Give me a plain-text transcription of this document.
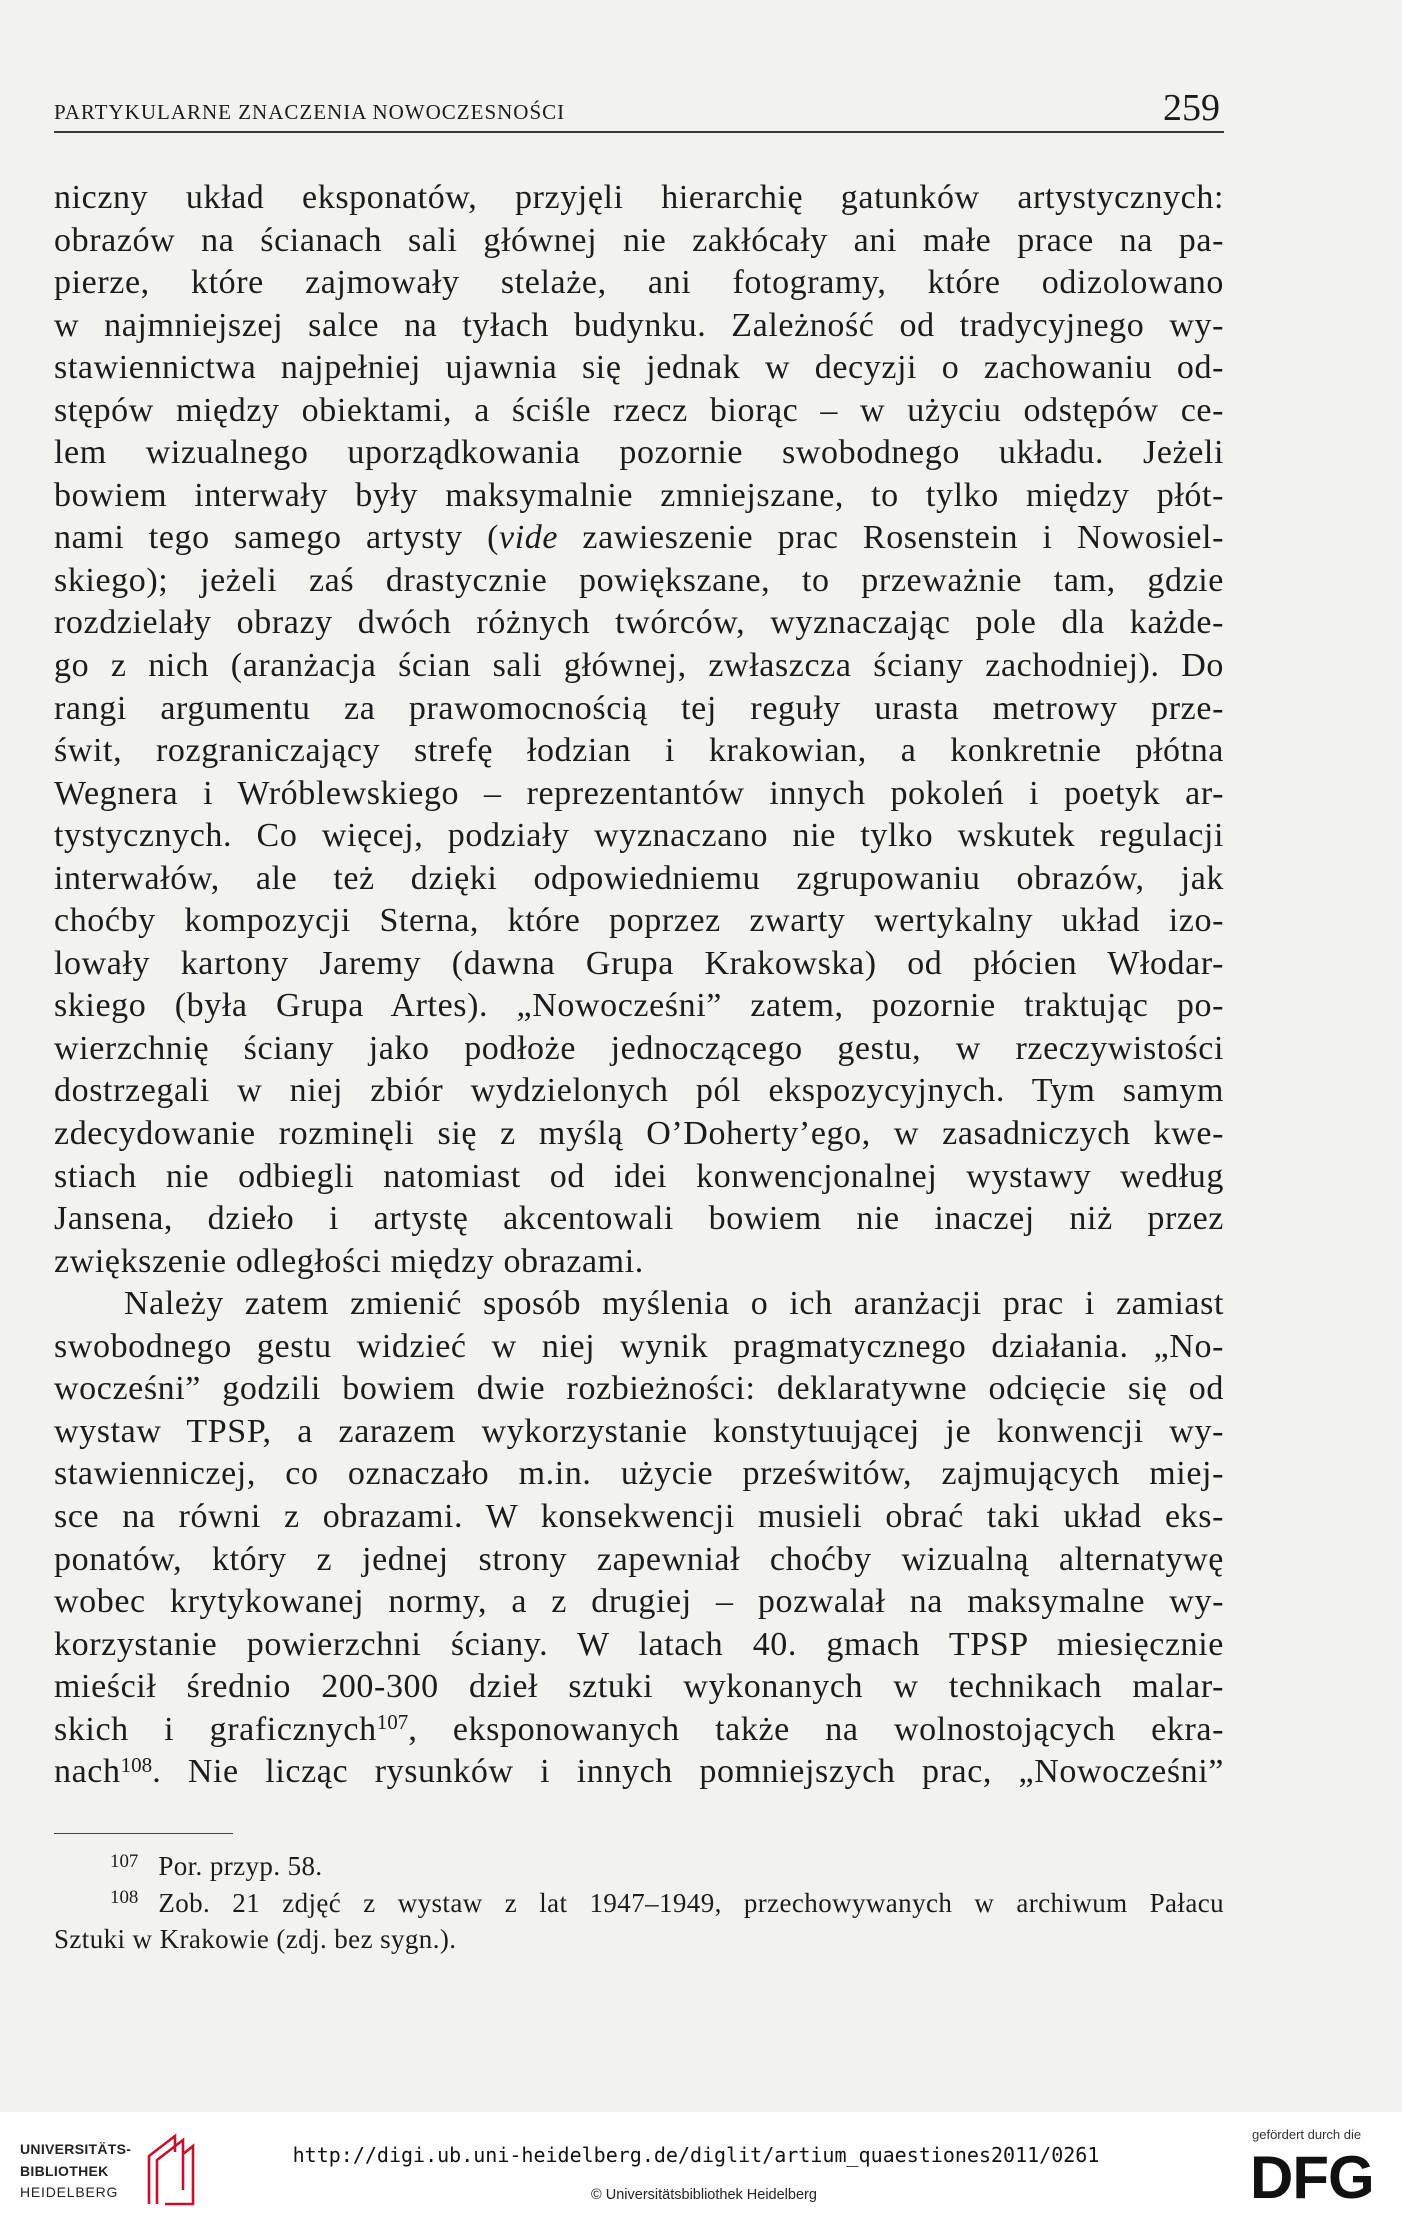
PARTYKULARNE ZNACZENIA NOWOCZESNOŚCI	259
niczny układ eksponatów, przyjęli hierarchię gatunków artystycznych:
obrazów na ścianach sali głównej nie zakłócały ani małe prace na pa-
pierze, które zajmowały stelaże, ani fotogramy, które odizolowano
w najmniejszej salce na tyłach budynku. Zależność od tradycyjnego wy-
stawiennictwa najpełniej ujawnia się jednak w decyzji o zachowaniu od-
stępów między obiektami, a ściśle rzecz biorąc – w użyciu odstępów ce-
lem wizualnego uporządkowania pozornie swobodnego układu. Jeżeli
bowiem interwały były maksymalnie zmniejszane, to tylko między płót-
nami tego samego artysty (vide zawieszenie prac Rosenstein i Nowosiel-
skiego); jeżeli zaś drastycznie powiększane, to przeważnie tam, gdzie
rozdzielały obrazy dwóch różnych twórców, wyznaczając pole dla każde-
go z nich (aranżacja ścian sali głównej, zwłaszcza ściany zachodniej). Do
rangi argumentu za prawomocnością tej reguły urasta metrowy prze-
świt, rozgraniczający strefę łodzian i krakowian, a konkretnie płótna
Wegnera i Wróblewskiego – reprezentantów innych pokoleń i poetyk ar-
tystycznych. Co więcej, podziały wyznaczano nie tylko wskutek regulacji
interwałów, ale też dzięki odpowiedniemu zgrupowaniu obrazów, jak
choćby kompozycji Sterna, które poprzez zwarty wertykalny układ izo-
lowały kartony Jaremy (dawna Grupa Krakowska) od płócien Włodar-
skiego (była Grupa Artes). „Nowocześni” zatem, pozornie traktując po-
wierzchnię ściany jako podłoże jednoczącego gestu, w rzeczywistości
dostrzegali w niej zbiór wydzielonych pól ekspozycyjnych. Tym samym
zdecydowanie rozminęli się z myślą O’Doherty’ego, w zasadniczych kwe-
stiach nie odbiegli natomiast od idei konwencjonalnej wystawy według
Jansena, dzieło i artystę akcentowali bowiem nie inaczej niż przez
zwiększenie odległości między obrazami.
Należy zatem zmienić sposób myślenia o ich aranżacji prac i zamiast
swobodnego gestu widzieć w niej wynik pragmatycznego działania. „No-
wocześni” godzili bowiem dwie rozbieżności: deklaratywne odcięcie się od
wystaw TPSP, a zarazem wykorzystanie konstytuującej je konwencji wy-
stawienniczej, co oznaczało m.in. użycie prześwitów, zajmujących miej-
sce na równi z obrazami. W konsekwencji musieli obrać taki układ eks-
ponatów, który z jednej strony zapewniał choćby wizualną alternatywę
wobec krytykowanej normy, a z drugiej – pozwalał na maksymalne wy-
korzystanie powierzchni ściany. W latach 40. gmach TPSP miesięcznie
mieścił średnio 200-300 dzieł sztuki wykonanych w technikach malar-
skich i graficznych$^{107}$, eksponowanych także na wolnostojących ekra-
nach$^{108}$. Nie licząc rysunków i innych pomniejszych prac, „Nowocześni”
$^{107}$ Por. przyp. 58.
$^{108}$ Zob. 21 zdjęć z wystaw z lat 1947–1949, przechowywanych w archiwum Pałacu
Sztuki w Krakowie (zdj. bez sygn.).
UNIVERSITÄTS-
BIBLIOTHEK
HEIDELBERG
http://digi.ub.uni-heidelberg.de/diglit/artium_quaestiones2011/0261
© Universitätsbibliothek Heidelberg
gefördert durch die
DFG
